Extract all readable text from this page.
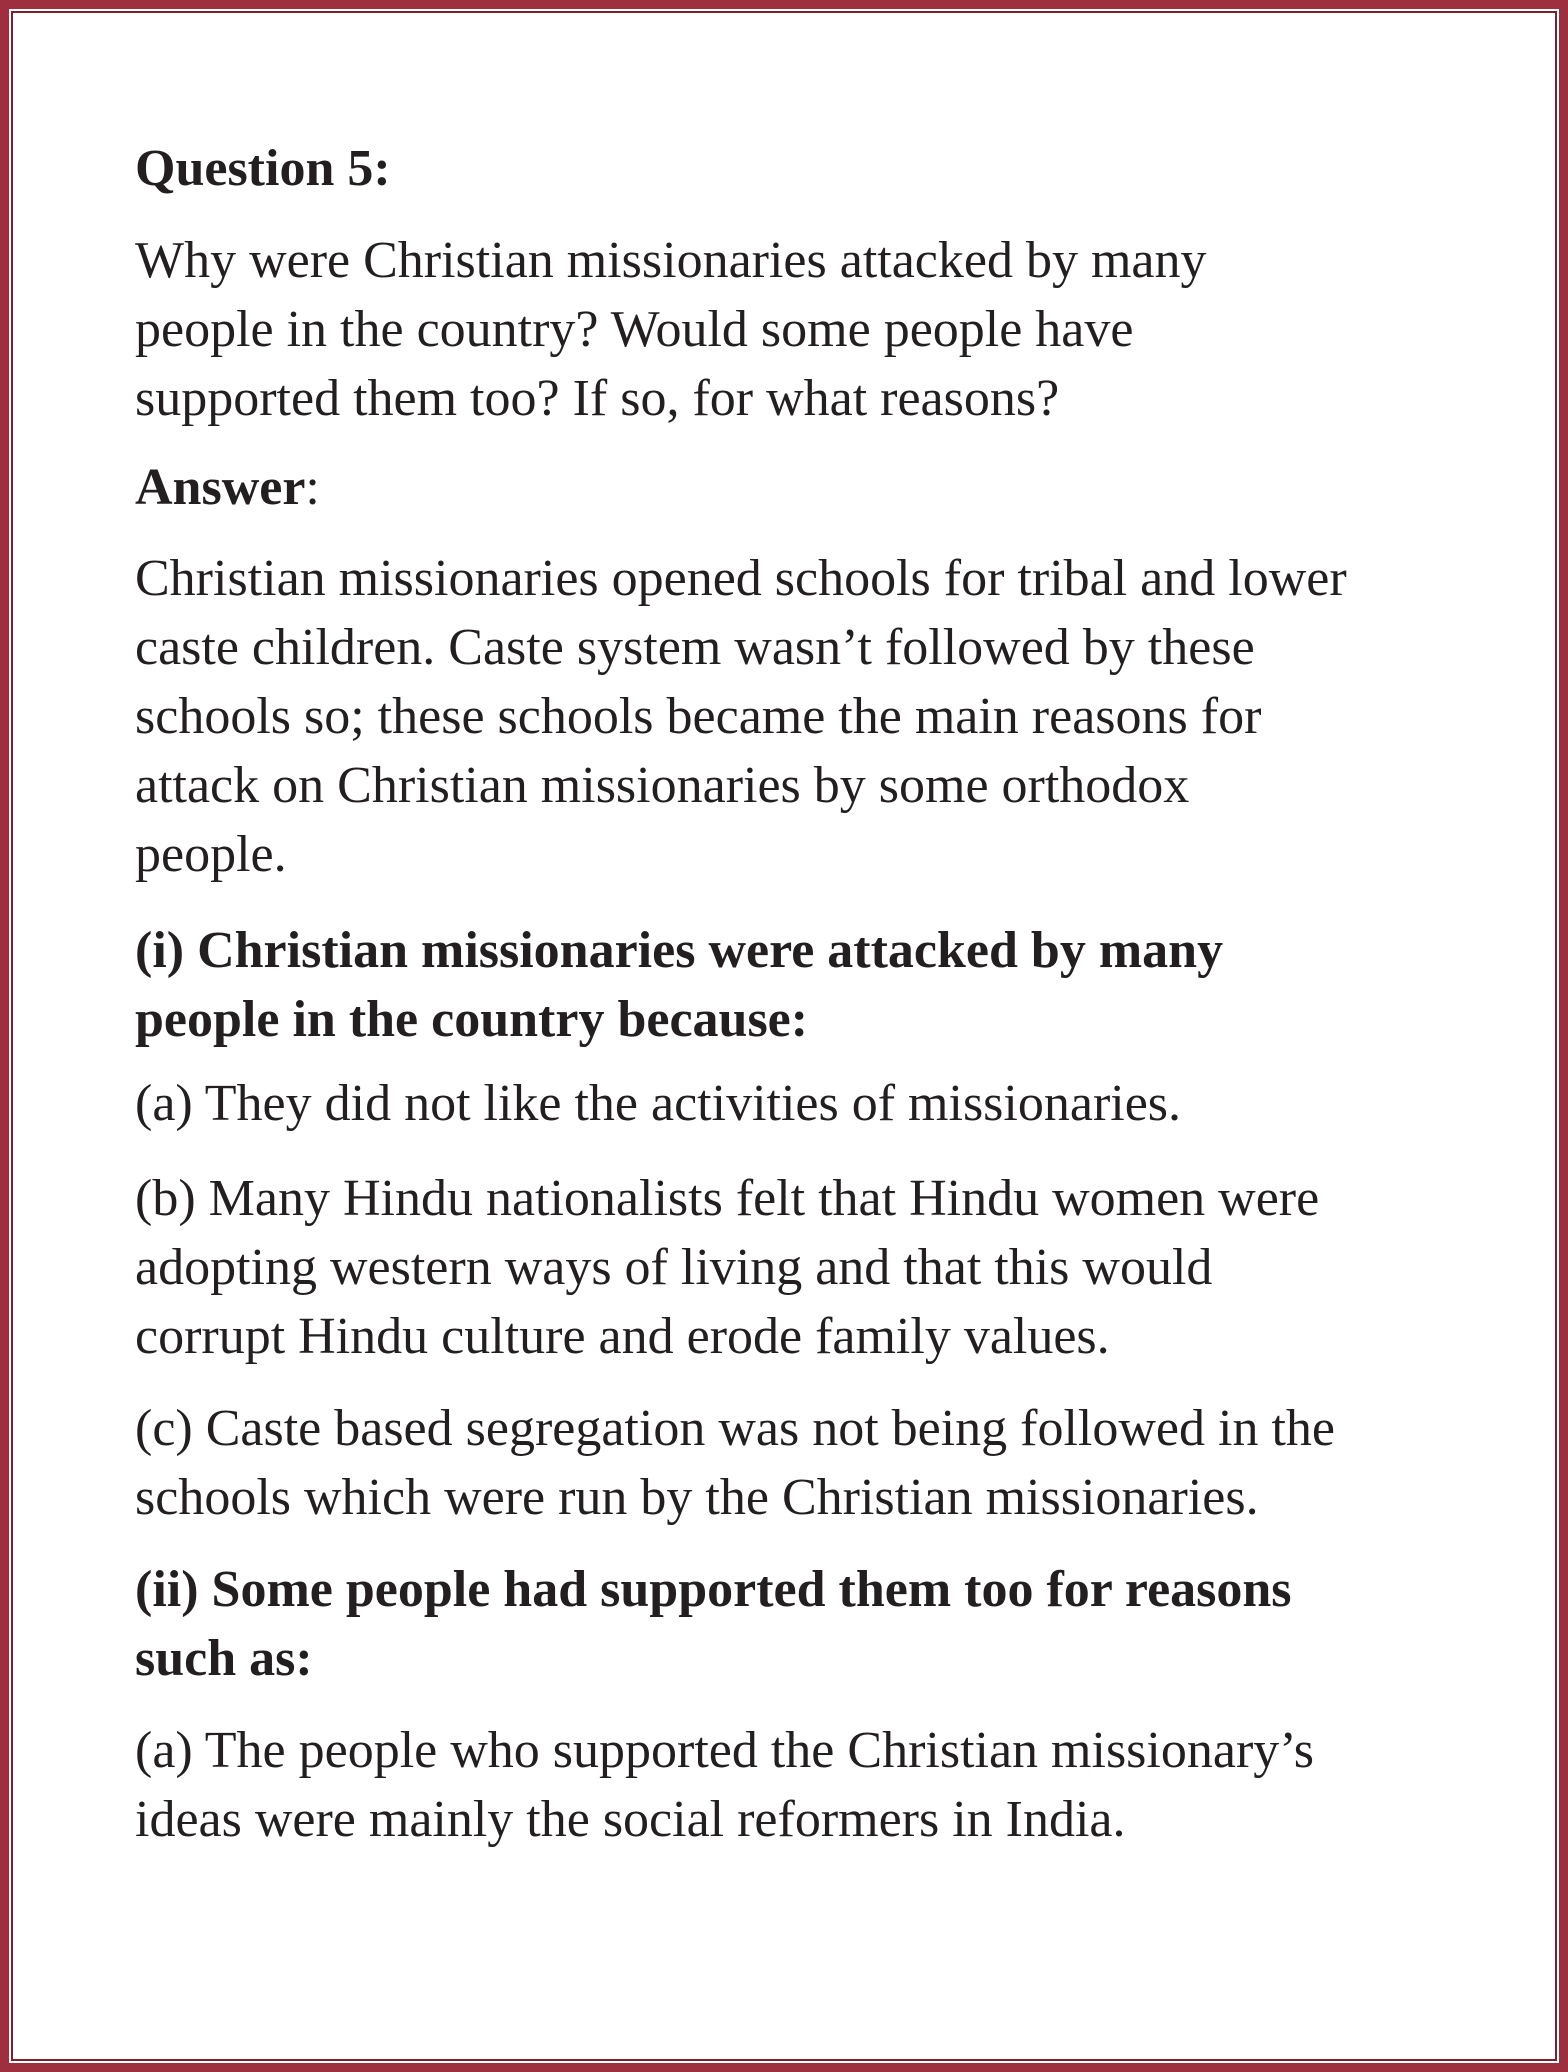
Question 5:
Why were Christian missionaries attacked by many
people in the country? Would some people have
supported them too? If so, for what reasons?
Answer:
Christian missionaries opened schools for tribal and lower
caste children. Caste system wasn’t followed by these
schools so; these schools became the main reasons for
attack on Christian missionaries by some orthodox
people.
(i) Christian missionaries were attacked by many
people in the country because:
(a) They did not like the activities of missionaries.
(b) Many Hindu nationalists felt that Hindu women were
adopting western ways of living and that this would
corrupt Hindu culture and erode family values.
(c) Caste based segregation was not being followed in the
schools which were run by the Christian missionaries.
(ii) Some people had supported them too for reasons
such as:
(a) The people who supported the Christian missionary’s
ideas were mainly the social reformers in India.
